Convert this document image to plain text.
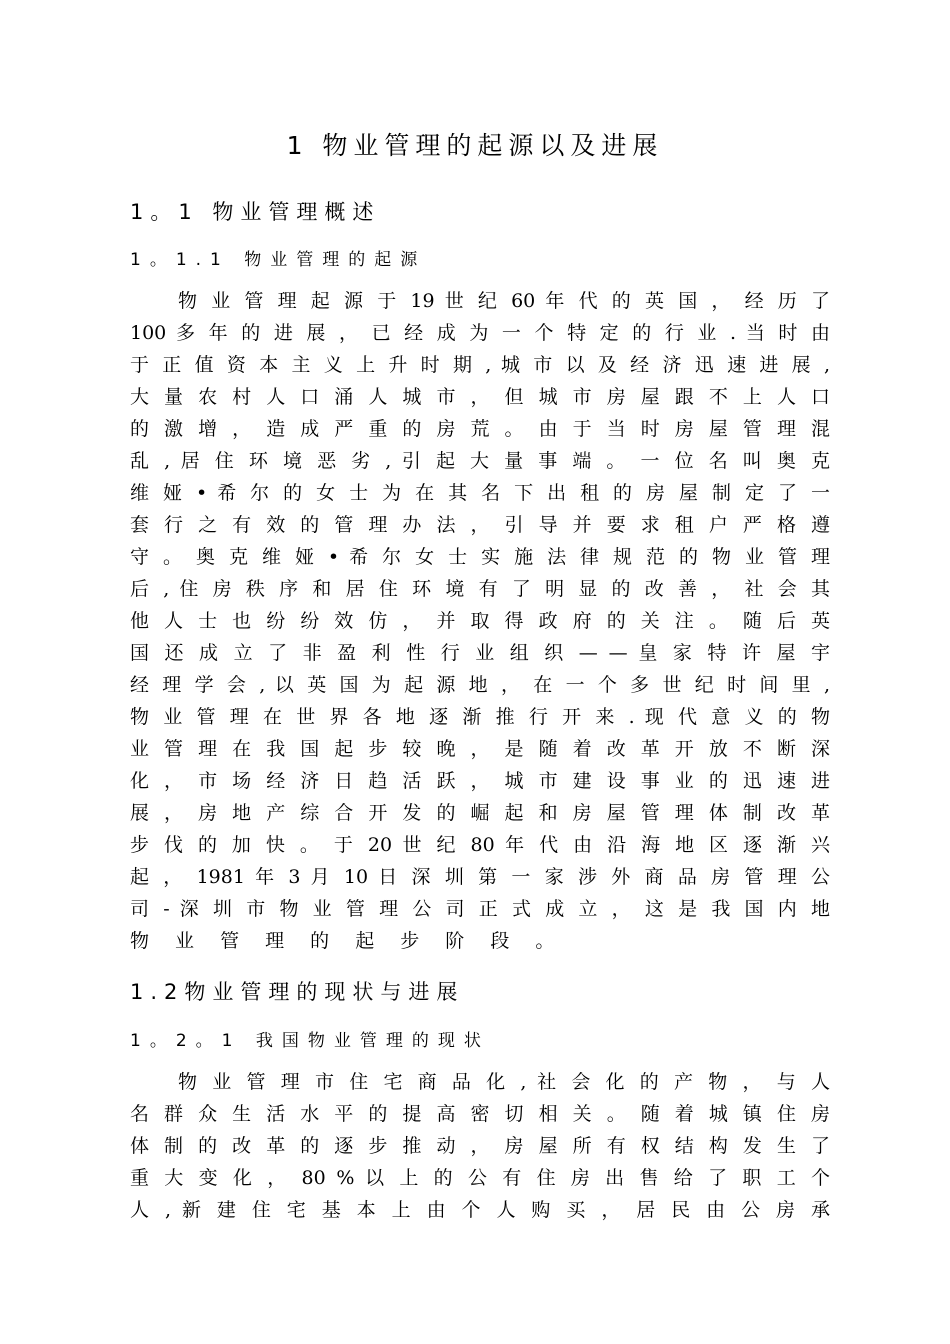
1 物业管理的起源以及进展
1。1 物业管理概述
1。1.1 物业管理的起源
物 业 管 理 起 源 于 19 世 纪 60 年 代 的 英 国 ， 经 历 了
100 多 年 的 进 展 ， 已 经 成 为 一 个 特 定 的 行 业 . 当 时 由
于 正 值 资 本 主 义 上 升 时 期 , 城 市 以 及 经 济 迅 速 进 展 ,
大 量 农 村 人 口 涌 人 城 市 ， 但 城 市 房 屋 跟 不 上 人 口
的 激 增 ， 造 成 严 重 的 房 荒 。 由 于 当 时 房 屋 管 理 混
乱 , 居 住 环 境 恶 劣 , 引 起 大 量 事 端 。 一 位 名 叫 奥 克
维 娅 • 希 尔 的 女 士 为 在 其 名 下 出 租 的 房 屋 制 定 了 一
套 行 之 有 效 的 管 理 办 法 ， 引 导 并 要 求 租 户 严 格 遵
守 。 奥 克 维 娅 • 希 尔 女 士 实 施 法 律 规 范 的 物 业 管 理
后 , 住 房 秩 序 和 居 住 环 境 有 了 明 显 的 改 善 ， 社 会 其
他 人 士 也 纷 纷 效 仿 ， 并 取 得 政 府 的 关 注 。 随 后 英
国 还 成 立 了 非 盈 利 性 行 业 组 织 — — 皇 家 特 许 屋 宇
经 理 学 会 , 以 英 国 为 起 源 地 ， 在 一 个 多 世 纪 时 间 里 ,
物 业 管 理 在 世 界 各 地 逐 渐 推 行 开 来 . 现 代 意 义 的 物
业 管 理 在 我 国 起 步 较 晚 ， 是 随 着 改 革 开 放 不 断 深
化 ， 市 场 经 济 日 趋 活 跃 ， 城 市 建 设 事 业 的 迅 速 进
展 ， 房 地 产 综 合 开 发 的 崛 起 和 房 屋 管 理 体 制 改 革
步 伐 的 加 快 。 于 20 世 纪 80 年 代 由 沿 海 地 区 逐 渐 兴
起 ， 1981 年 3 月 10 日 深 圳 第 一 家 涉 外 商 品 房 管 理 公
司 - 深 圳 市 物 业 管 理 公 司 正 式 成 立 ， 这 是 我 国 内 地
物 业 管 理 的 起 步 阶 段 。
1.2物业管理的现状与进展
1。2。1 我国物业管理的现状
物 业 管 理 市 住 宅 商 品 化 , 社 会 化 的 产 物 ， 与 人
名 群 众 生 活 水 平 的 提 高 密 切 相 关 。 随 着 城 镇 住 房
体 制 的 改 革 的 逐 步 推 动 ， 房 屋 所 有 权 结 构 发 生 了
重 大 变 化 ， 80 % 以 上 的 公 有 住 房 出 售 给 了 职 工 个
人 , 新 建 住 宅 基 本 上 由 个 人 购 买 ， 居 民 由 公 房 承
